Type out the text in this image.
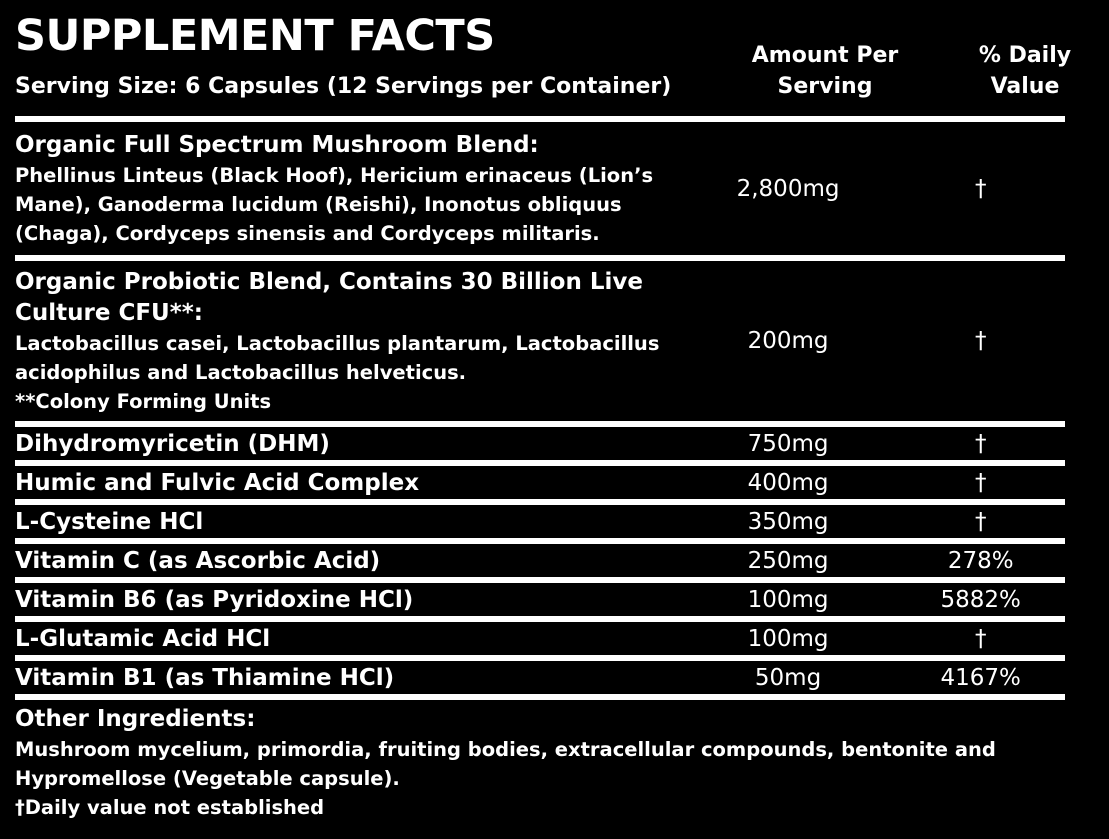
SUPPLEMENT FACTS
Serving Size: 6 Capsules (12 Servings per Container)
Amount Per
Serving
% Daily
Value
Organic Full Spectrum Mushroom Blend:
Phellinus Linteus (Black Hoof), Hericium erinaceus (Lion’s
Mane), Ganoderma lucidum (Reishi), Inonotus obliquus
(Chaga), Cordyceps sinensis and Cordyceps militaris.
2,800mg	†
Organic Probiotic Blend, Contains 30 Billion Live
Culture CFU**:
Lactobacillus casei, Lactobacillus plantarum, Lactobacillus
acidophilus and Lactobacillus helveticus.
**Colony Forming Units
200mg	†
Dihydromyricetin (DHM)	750mg	†
Humic and Fulvic Acid Complex	400mg	†
L-Cysteine HCl	350mg	†
Vitamin C (as Ascorbic Acid)	250mg	278%
Vitamin B6 (as Pyridoxine HCl)	100mg	5882%
L-Glutamic Acid HCl	100mg	†
Vitamin B1 (as Thiamine HCl)	50mg	4167%
Other Ingredients:
Mushroom mycelium, primordia, fruiting bodies, extracellular compounds, bentonite and
Hypromellose (Vegetable capsule).
†Daily value not established
